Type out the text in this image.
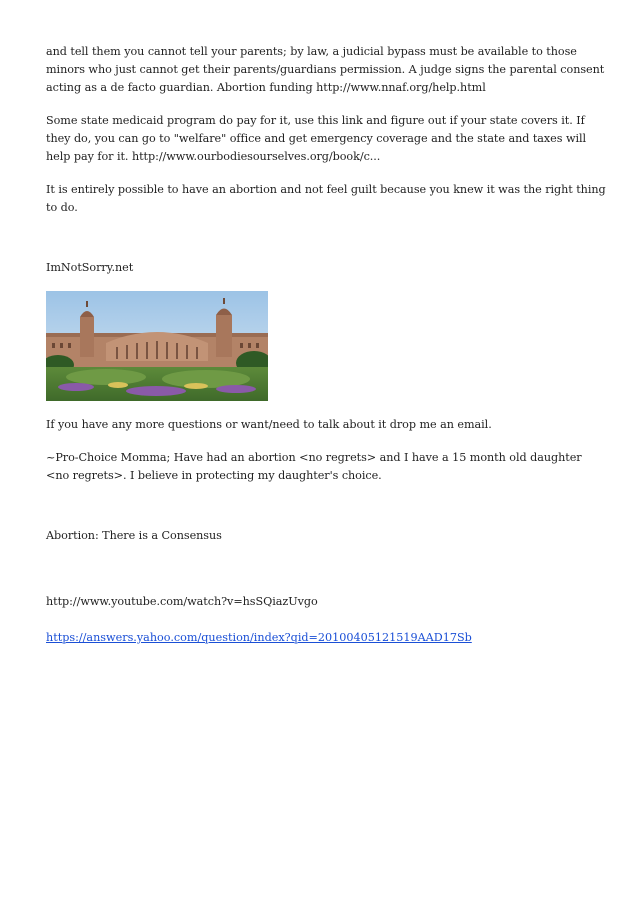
and tell them you cannot tell your parents; by law, a judicial bypass must be available to those minors who just cannot get their parents/guardians permission. A judge signs the parental consent acting as a de facto guardian. Abortion funding http://www.nnaf.org/help.html

Some state medicaid program do pay for it, use this link and figure out if your state covers it. If they do, you can go to "welfare" office and get emergency coverage and the state and taxes will help pay for it. http://www.ourbodiesourselves.org/book/c...

It is entirely possible to have an abortion and not feel guilt because you knew it was the right thing to do.

ImNotSorry.net

If you have any more questions or want/need to talk about it drop me an email.

~Pro-Choice Momma; Have had an abortion <no regrets> and I have a 15 month old daughter <no regrets>. I believe in protecting my daughter's choice.

Abortion: There is a Consensus

http://www.youtube.com/watch?v=hsSQiazUvgo

https://answers.yahoo.com/question/index?qid=20100405121519AAD17Sb
